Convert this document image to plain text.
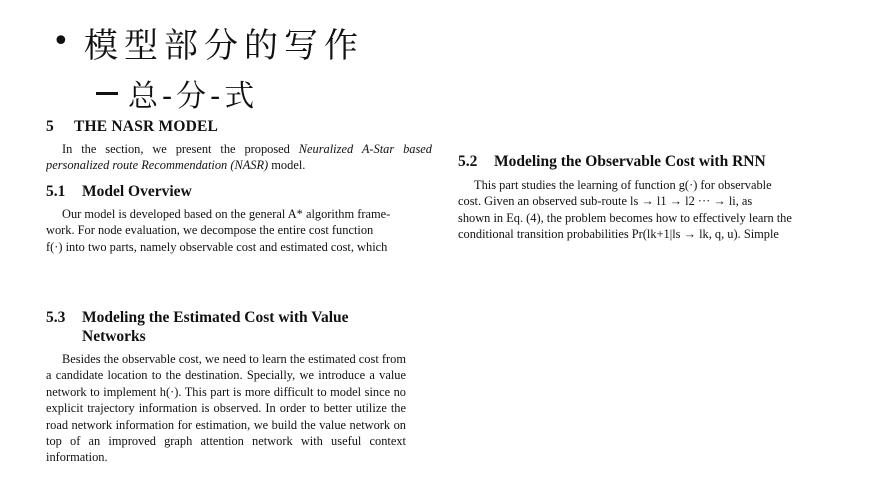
• 模型部分的写作
总-分-式

5 THE NASR MODEL

In the section, we present the proposed Neuralized A-Star based personalized route Recommendation (NASR) model.

5.1 Model Overview

Our model is developed based on the general A* algorithm frame-

work. For node evaluation, we decompose the entire cost function

f(·) into two parts, namely observable cost and estimated cost, which

5.2 Modeling the Observable Cost with RNN

This part studies the learning of function g(·) for observable

cost. Given an observed sub-route ls → l1 → l2 ··· → li, as

shown in Eq. (4), the problem becomes how to effectively learn the

conditional transition probabilities Pr(lk+1|ls → lk, q, u). Simple

5.3	Modeling the Estimated Cost with Value Networks

Besides the observable cost, we need to learn the estimated cost from a candidate location to the destination. Specially, we introduce a value network to implement h(·). This part is more difficult to model since no explicit trajectory information is observed. In order to better utilize the road network information for estimation, we build the value network on top of an improved graph attention network with useful context information.
